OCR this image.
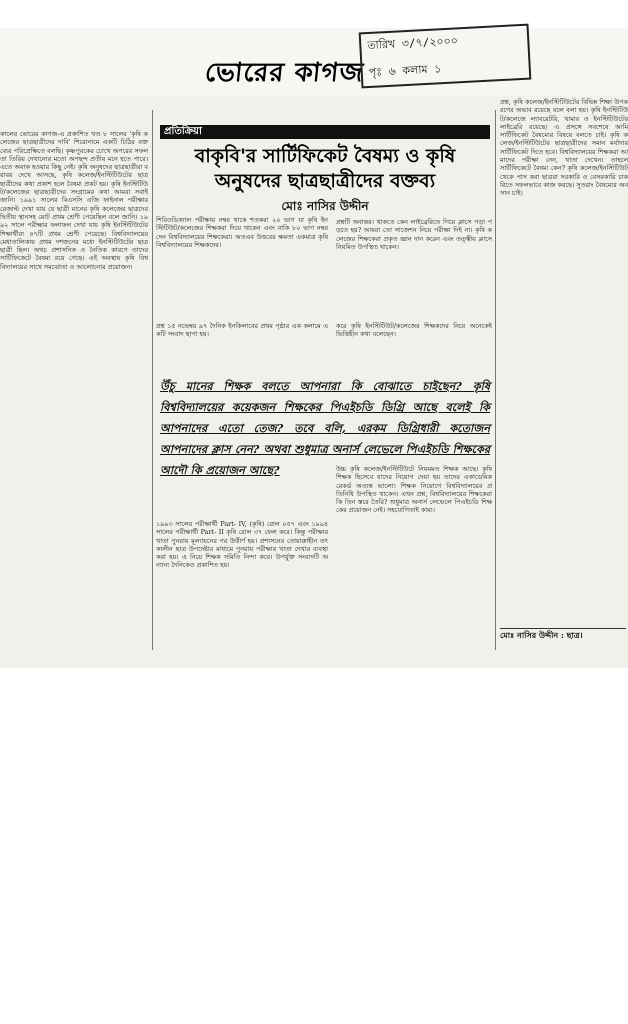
ভোরের কাগজ
তারিখ ৩/৭/২০০০
পৃঃ ৬ কলাম ১
কালের ভোরের কাগজ-এ প্রকাশিত খণ্ড ৮ সালের 'কৃষি কলেজের ছাত্রছাত্রীদের দাবি' শিরোনামে একটি চিঠির বক্তব্যের পরিপ্রেক্ষিতে বলছি। কৃষ্ণপুরকের চোখে অপরের সফলতা তিরিয় দেখানোর মতো অপছন্দ প্রতীয় মনে হতে পারে। এতে অবাক হওয়ার কিছু নেই। কৃষি অনুষদের ছাত্রছাত্রীরা বরাবর দেখে আসছে, কৃষি কলেজ/ইনস্টিটিউটের ছাত্রছাত্রীদের কথা প্রকাশ হলে বৈষম্য প্রকট হয়। কৃষি ইনস্টিটিউট/কলেজের ছাত্রছাত্রীদের সংগ্রামের কথা আমরা সবাই জানি। ১৯৯১ সালের বিএসসি এজি ফাইনাল পরীক্ষার রেজাল্ট দেখা যায় যে ছাত্রী মানের কৃষি কলেজের ছাত্রদের দ্বিতীয় স্থানসহ মোট প্রথম শ্রেণী পেয়েছিল বলে জানি। ১৯৯২ সালে পরীক্ষার ফলাফল দেখা যায় কৃষি ইনস্টিটিউটের শিক্ষার্থীরা ৪৭টি প্রথম শ্রেণী পেয়েছে। বিশ্ববিদ্যালয়ের মেধাতালিকায় প্রথম দশজনের মধ্যে ইনস্টিটিউটের ছাত্রছাত্রী ছিল। অথচ প্রশাসনিক ও নৈতিক কারণে তাদের সার্টিফিকেটে বৈষম্য রয়ে গেছে। এই অবস্থায় কৃষি বিশ্ববিদ্যালয়ের সাথে সমঝোতা ও আলোচনার প্রয়োজন।
প্রতিক্রিয়া
বাকৃবি'র সার্টিফিকেট বৈষম্য ও কৃষি অনুষদের ছাত্রছাত্রীদের বক্তব্য
মোঃ নাসির উদ্দীন
শিরিওডিক্যাল পরীক্ষায় নম্বর থাকে শতকরা ২০ ভাগ যা কৃষি ইনস্টিটিউট/কলেজের শিক্ষকরা দিয়ে থাকেন এবং বাকি ৮০ ভাগ নম্বর দেন বিশ্ববিদ্যালয়ের শিক্ষকেরা। অতএব উত্তরের ক্ষমতা একমাত্র কৃষি বিশ্ববিদ্যালয়ের শিক্ষকদের।
প্রশ্নটি অবান্তর। থাকতে কেন লাইব্রেরিতে গিয়ে ক্লাসে পড়া পড়তে হয়? আমরা তো সাজেশন নিয়ে পরীক্ষা দিই না। কৃষি কলেজের শিক্ষকেরা প্রকৃত জ্ঞান দান করেন এবং তত্ত্বীয় ক্লাসে নিয়মিত উপস্থিত থাকেন।
প্রশ্ন ১৫ নভেম্বর ৯৭ দৈনিক ইনকিলাবের প্রথম পৃষ্ঠার এক কলামে একটি সংবাদ ছাপা হয়।
করে কৃষি ইনস্টিটিউট/কলেজের শিক্ষকদের নিয়ে অনেকেই ভিত্তিহীন কথা বলেছেন।
উঁচু মানের শিক্ষক বলতে আপনারা কি বোঝাতে চাইছেন? কৃষি বিশ্ববিদ্যালয়ের কয়েকজন শিক্ষকের পিএইচডি ডিগ্রি আছে বলেই কি আপনাদের এতো তেজ? তবে বলি, এরকম ডিগ্রিধারী কতোজন আপনাদের ক্লাস নেন? অথবা শুধুমাত্র অনার্স লেভেলে পিএইচডি শিক্ষকের আদৌ কি প্রয়োজন আছে?
১৯৯৩ সালের পরীক্ষার্থী Part- IV, (কৃষি) রোল ০৫৭ এবং ১৯৯৪ সালের পরীক্ষার্থী Part- II কৃষি রোল ৩৭ ফেল করে। কিন্তু পরীক্ষার খাতা পুনরায় মূল্যায়নের পর উত্তীর্ণ হয়। প্রশাসনের তোয়াক্কাহীন তৎকালীন ছাত্র উপদেষ্টার মাধ্যমে পুনরায় পরীক্ষার খাতা দেখার ব্যবস্থা করা হয়। এ নিয়ে শিক্ষক সমিতি নিন্দা করে। উপর্যুক্ত সংবাদটি অন্যান্য দৈনিকেও প্রকাশিত হয়।
উচ্চ কৃষি কলেজ/ইনস্টিটিউটে নিয়মমত শিক্ষক আছে। কৃষি শিক্ষক হিসেবে যাদের নিয়োগ দেয়া হয় তাদের একাডেমিক রেকর্ড অত্যন্ত ভালো। শিক্ষক নিয়োগে বিশ্ববিদ্যালয়ের প্রতিনিধি উপস্থিত থাকেন। এখন প্রশ্ন, বিশ্ববিদ্যালয়ের শিক্ষকেরা কি তিন স্তরে তৈরি? শুধুমাত্র অনার্স লেভেলে পিএইচডি শিক্ষকের প্রয়োজন নেই। সহযোগিতাই কাম্য।
প্রশ্ন, কৃষি কলেজ/ইনস্টিটিউটের বিভিন্ন শিক্ষা উপকরণের অভাব রয়েছে বলে বলা হয়। কৃষি ইনস্টিটিউট/কলেজে ল্যাবরেটরি, খামার ও ইনস্টিটিউটের লাইব্রেরি রয়েছে। এ প্রসঙ্গে সবশেষে আমি সার্টিফিকেট বৈষম্যের বিষয়ে বলতে চাই। কৃষি কলেজ/ইনস্টিটিউটের ছাত্রছাত্রীদের সমান মর্যাদার সার্টিফিকেট দিতে হবে। বিশ্ববিদ্যালয়ের শিক্ষকরা আমাদের পরীক্ষা নেন, খাতা দেখেন। তাহলে সার্টিফিকেটে বৈষম্য কেন? কৃষি কলেজ/ইনস্টিটিউট থেকে পাস করা ছাত্ররা সরকারি ও বেসরকারি চাকরিতে সফলভাবে কাজ করছে। সুতরাং বৈষম্যের অবসান চাই।
মোঃ নাসির উদ্দীন : ছাত্র।
